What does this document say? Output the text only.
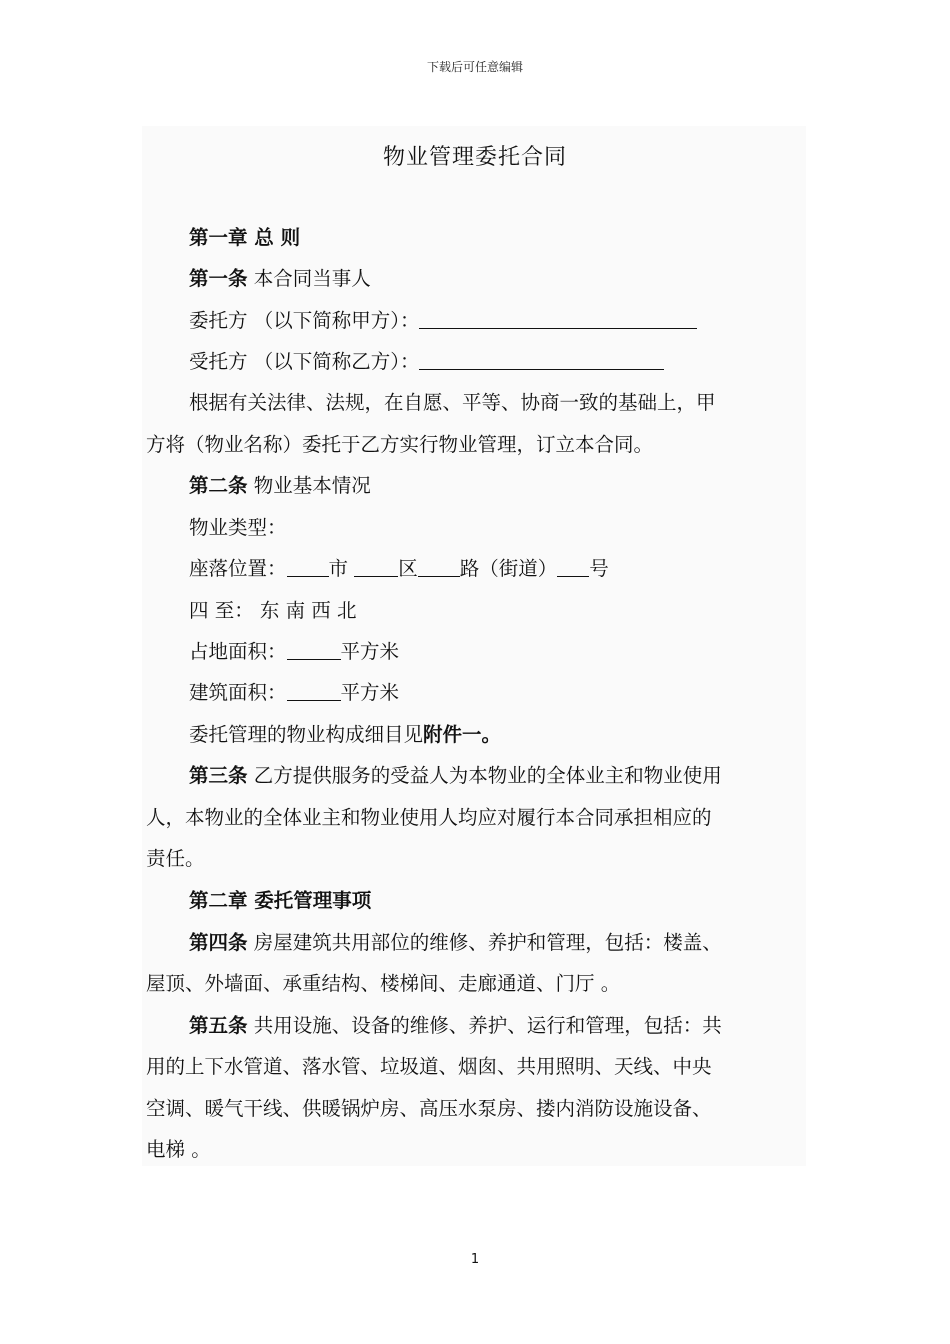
下载后可任意编辑
物业管理委托合同
第一章 总 则
第一条 本合同当事人
委托方 （以下简称甲方）：
受托方 （以下简称乙方）：
根据有关法律、法规，在自愿、平等、协商一致的基础上，甲
方将（物业名称）委托于乙方实行物业管理，订立本合同。
第二条 物业基本情况
物业类型：
座落位置： 市	区 路（街道） 号
四 至： 东 南 西 北
占地面积：	平方米
建筑面积：	平方米
委托管理的物业构成细目见附件一。
第三条 乙方提供服务的受益人为本物业的全体业主和物业使用
人，本物业的全体业主和物业使用人均应对履行本合同承担相应的
责任。
第二章 委托管理事项
第四条 房屋建筑共用部位的维修、养护和管理，包括：楼盖、
屋顶、外墙面、承重结构、楼梯间、走廊通道、门厅 。
第五条 共用设施、设备的维修、养护、运行和管理，包括：共
用的上下水管道、落水管、垃圾道、烟囱、共用照明、天线、中央
空调、暖气干线、供暖锅炉房、高压水泵房、搂内消防设施设备、
电梯 。
1
